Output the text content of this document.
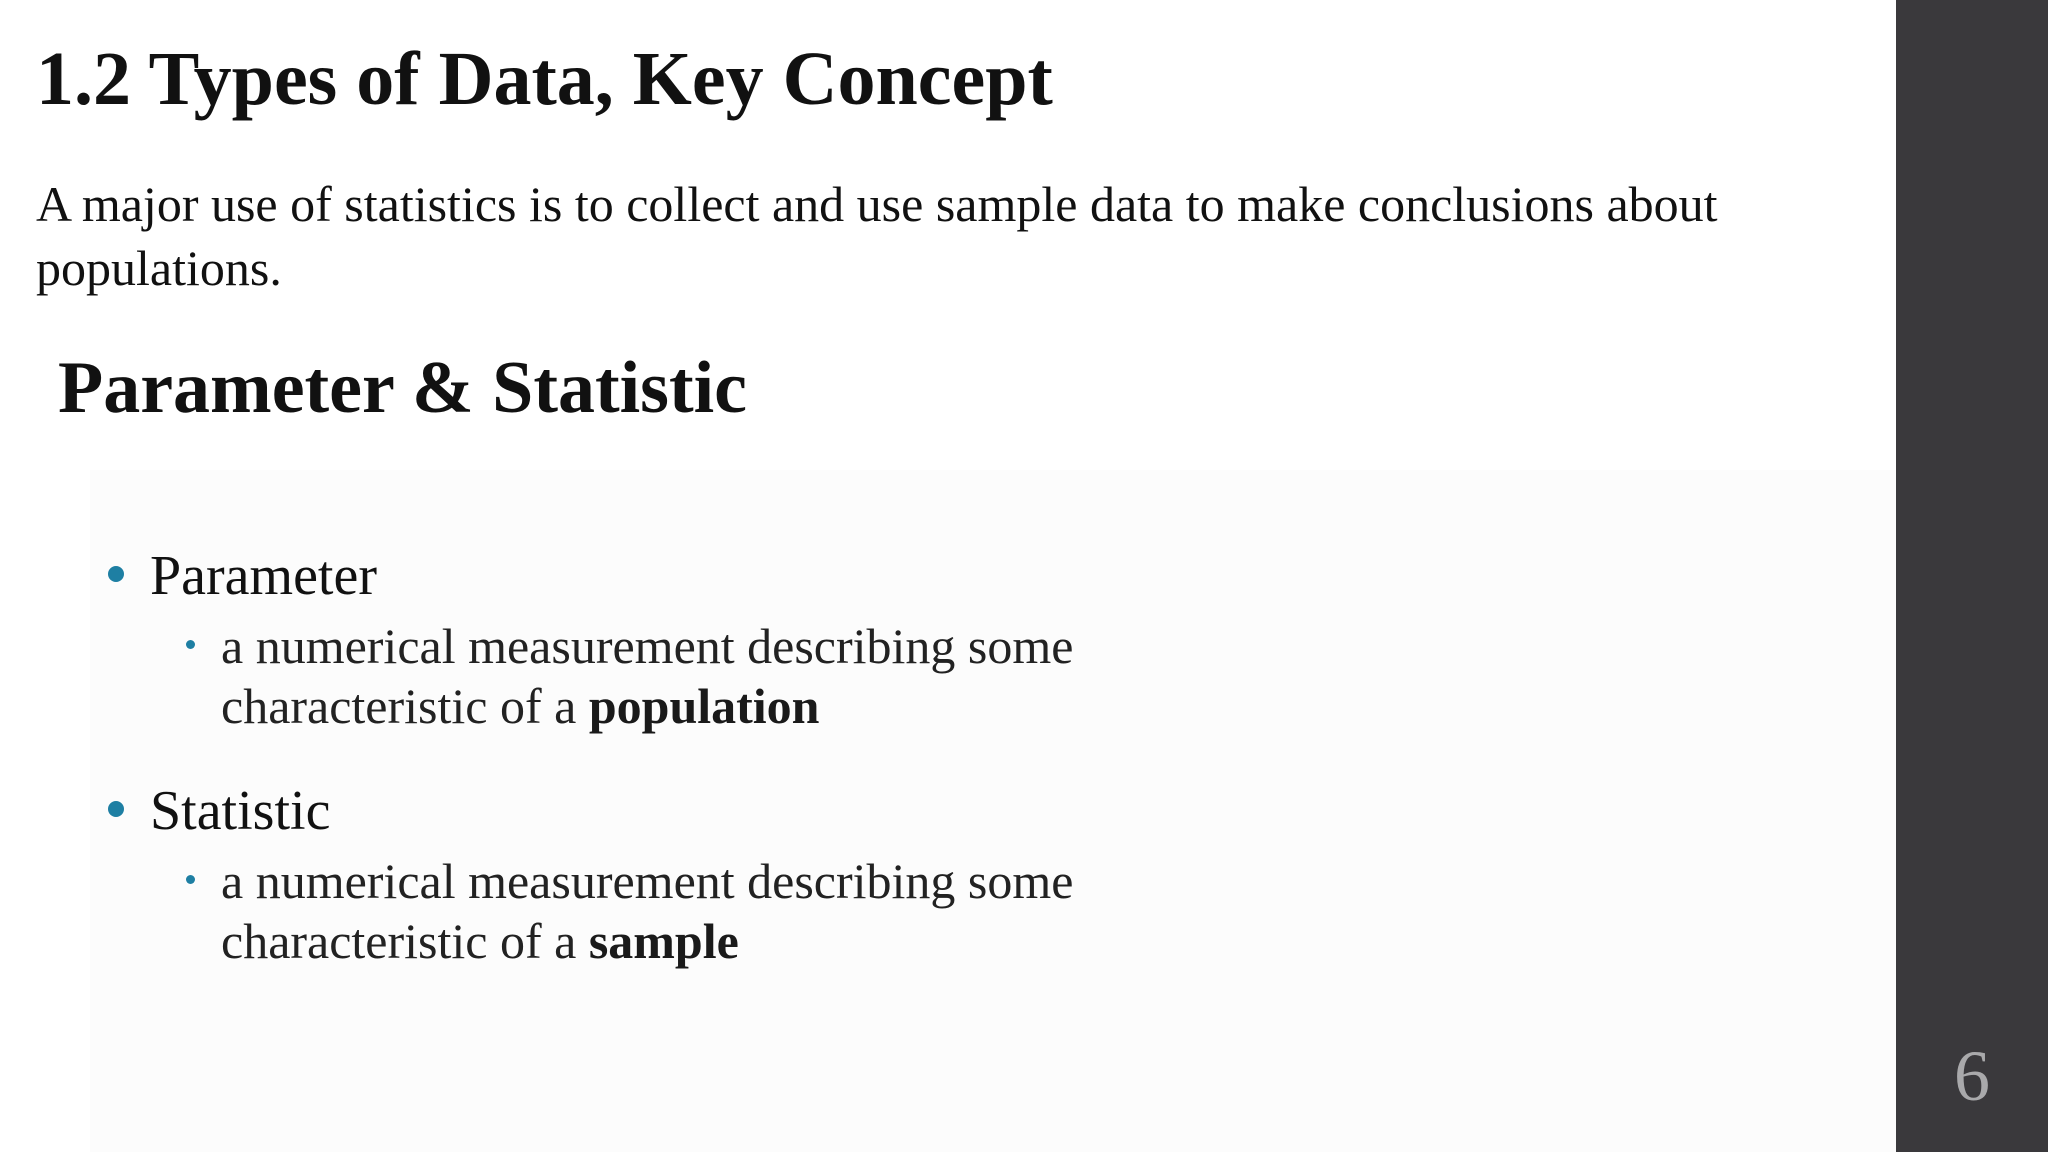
1.2 Types of Data, Key Concept

A major use of statistics is to collect and use sample data to make conclusions about populations.

Parameter & Statistic
Parameter
a numerical measurement describing some characteristic of a population
Statistic
a numerical measurement describing some characteristic of a sample
6
